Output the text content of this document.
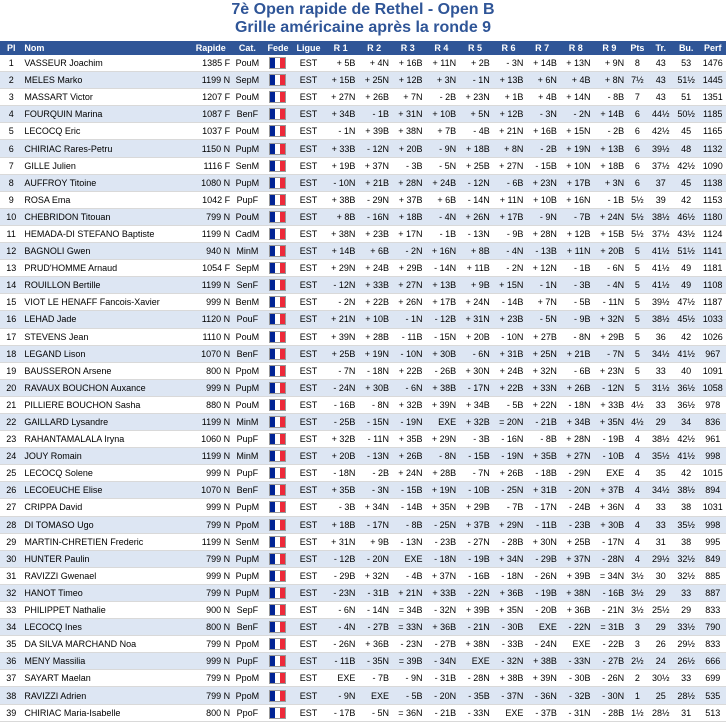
7è Open rapide de Rethel - Open B
Grille américaine après la ronde 9
Pl	Nom	Rapide	Cat.	Fede	Ligue	R 1	R 2	R 3	R 4	R 5	R 6	R 7	R 8	R 9	Pts	Tr.	Bu.	Perf
1	VASSEUR Joachim	1385 F	PouM		EST	+ 5B	+ 4N	+ 16B	+ 11N	+ 2B	- 3N	+ 14B	+ 13N	+ 9N	8	43	53	1476
2	MELES Marko	1199 N	SepM		EST	+ 15B	+ 25N	+ 12B	+ 3N	- 1N	+ 13B	+ 6N	+ 4B	+ 8N	7½	43	51½	1445
3	MASSART Victor	1207 F	PouM		EST	+ 27N	+ 26B	+ 7N	- 2B	+ 23N	+ 1B	+ 4B	+ 14N	- 8B	7	43	51	1351
4	FOURQUIN Marina	1087 F	BenF		EST	+ 34B	- 1B	+ 31N	+ 10B	+ 5N	+ 12B	- 3N	- 2N	+ 14B	6	44½	50½	1185
5	LECOCQ Eric	1037 F	PouM		EST	- 1N	+ 39B	+ 38N	+ 7B	- 4B	+ 21N	+ 16B	+ 15N	- 2B	6	42½	45	1165
6	CHIRIAC Rares-Petru	1150 N	PupM		EST	+ 33B	- 12N	+ 20B	- 9N	+ 18B	+ 8N	- 2B	+ 19N	+ 13B	6	39½	48	1132
7	GILLE Julien	1116 F	SenM		EST	+ 19B	+ 37N	- 3B	- 5N	+ 25B	+ 27N	- 15B	+ 10N	+ 18B	6	37½	42½	1090
8	AUFFROY Titoine	1080 N	PupM		EST	- 10N	+ 21B	+ 28N	+ 24B	- 12N	- 6B	+ 23N	+ 17B	+ 3N	6	37	45	1138
9	ROSA Ema	1042 F	PupF		EST	+ 38B	- 29N	+ 37B	+ 6B	- 14N	+ 11N	+ 10B	+ 16N	- 1B	5½	39	42	1153
10	CHEBRIDON Titouan	799 N	PouM		EST	+ 8B	- 16N	+ 18B	- 4N	+ 26N	+ 17B	- 9N	- 7B	+ 24N	5½	38½	46½	1180
11	HEMADA-DI STEFANO Baptiste	1199 N	CadM		EST	+ 38N	+ 23B	+ 17N	- 1B	- 13N	- 9B	+ 28N	+ 12B	+ 15B	5½	37½	43½	1124
12	BAGNOLI Gwen	940 N	MinM		EST	+ 14B	+ 6B	- 2N	+ 16N	+ 8B	- 4N	- 13B	+ 11N	+ 20B	5	41½	51½	1141
13	PRUD'HOMME Arnaud	1054 F	SepM		EST	+ 29N	+ 24B	+ 29B	- 14N	+ 11B	- 2N	+ 12N	- 1B	- 6N	5	41½	49	1181
14	ROUILLON Bertille	1199 N	SenF		EST	- 12N	+ 33B	+ 27N	+ 13B	+ 9B	+ 15N	- 1N	- 3B	- 4N	5	41½	49	1108
15	VIOT LE HENAFF Fancois-Xavier	999 N	BenM		EST	- 2N	+ 22B	+ 26N	+ 17B	+ 24N	- 14B	+ 7N	- 5B	- 11N	5	39½	47½	1187
16	LEHAD Jade	1120 N	PouF		EST	+ 21N	+ 10B	- 1N	- 12B	+ 31N	+ 23B	- 5N	- 9B	+ 32N	5	38½	45½	1033
17	STEVENS Jean	1110 N	PouM		EST	+ 39N	+ 28B	- 11B	- 15N	+ 20B	- 10N	+ 27B	- 8N	+ 29B	5	36	42	1026
18	LEGAND Lison	1070 N	BenF		EST	+ 25B	+ 19N	- 10N	+ 30B	- 6N	+ 31B	+ 25N	+ 21B	- 7N	5	34½	41½	967
19	BAUSSERON Arsene	800 N	PpoM		EST	- 7N	- 18N	+ 22B	- 26B	+ 30N	+ 24B	+ 32N	- 6B	+ 23N	5	33	40	1091
20	RAVAUX BOUCHON Auxance	999 N	PupM		EST	- 24N	+ 30B	- 6N	+ 38B	- 17N	+ 22B	+ 33N	+ 26B	- 12N	5	31½	36½	1058
21	PILLIERE BOUCHON Sasha	880 N	PouM		EST	- 16B	- 8N	+ 32B	+ 39N	+ 34B	- 5B	+ 22N	- 18N	+ 33B	4½	33	36½	978
22	GAILLARD Lysandre	1199 N	MinM		EST	- 25B	- 15N	- 19N	EXE	+ 32B	= 20N	- 21B	+ 34B	+ 35N	4½	29	34	836
23	RAHANTAMALALA Iryna	1060 N	PupF		EST	+ 32B	- 11N	+ 35B	+ 29N	- 3B	- 16N	- 8B	+ 28N	- 19B	4	38½	42½	961
24	JOUY Romain	1199 N	MinM		EST	+ 20B	- 13N	+ 26B	- 8N	- 15B	- 19N	+ 35B	+ 27N	- 10B	4	35½	41½	998
25	LECOCQ Solene	999 N	PupF		EST	- 18N	- 2B	+ 24N	+ 28B	- 7N	+ 26B	- 18B	- 29N	EXE	4	35	42	1015
26	LECOEUCHE Elise	1070 N	BenF		EST	+ 35B	- 3N	- 15B	+ 19N	- 10B	- 25N	+ 31B	- 20N	+ 37B	4	34½	38½	894
27	CRIPPA David	999 N	PupM		EST	- 3B	+ 34N	- 14B	+ 35N	+ 29B	- 7B	- 17N	- 24B	+ 36N	4	33	38	1031
28	DI TOMASO Ugo	799 N	PpoM		EST	+ 18B	- 17N	- 8B	- 25N	+ 37B	+ 29N	- 11B	- 23B	+ 30B	4	33	35½	998
29	MARTIN-CHRETIEN Frederic	1199 N	SenM		EST	+ 31N	+ 9B	- 13N	- 23B	- 27N	- 28B	+ 30N	+ 25B	- 17N	4	31	38	995
30	HUNTER Paulin	799 N	PupM		EST	- 12B	- 20N	EXE	- 18N	- 19B	+ 34N	- 29B	+ 37N	- 28N	4	29½	32½	849
31	RAVIZZI Gwenael	999 N	PupM		EST	- 29B	+ 32N	- 4B	+ 37N	- 16B	- 18N	- 26N	+ 39B	= 34N	3½	30	32½	885
32	HANOT Timeo	799 N	PupM		EST	- 23N	- 31B	+ 21N	+ 33B	- 22N	+ 36B	- 19B	+ 38N	- 16B	3½	29	33	887
33	PHILIPPET Nathalie	900 N	SepF		EST	- 6N	- 14N	= 34B	- 32N	+ 39B	+ 35N	- 20B	+ 36B	- 21N	3½	25½	29	833
34	LECOCQ Ines	800 N	BenF		EST	- 4N	- 27B	= 33N	+ 36B	- 21N	- 30B	EXE	- 22N	= 31B	3	29	33½	790
35	DA SILVA MARCHAND Noa	799 N	PpoM		EST	- 26N	+ 36B	- 23N	- 27B	+ 38N	- 33B	- 24N	EXE	- 22B	3	26	29½	833
36	MENY Massilia	999 N	PupF		EST	- 11B	- 35N	= 39B	- 34N	EXE	- 32N	+ 38B	- 33N	- 27B	2½	24	26½	666
37	SAYART Maelan	799 N	PpoM		EST	EXE	- 7B	- 9N	- 31B	- 28N	+ 38B	+ 39N	- 30B	- 26N	2	30½	33	699
38	RAVIZZI Adrien	799 N	PpoM		EST	- 9N	EXE	- 5B	- 20N	- 35B	- 37N	- 36N	- 32B	- 30N	1	25	28½	535
39	CHIRIAC Maria-Isabelle	800 N	PpoF		EST	- 17B	- 5N	= 36N	- 21B	- 33N	EXE	- 37B	- 31N	- 28B	1½	28½	31	513
